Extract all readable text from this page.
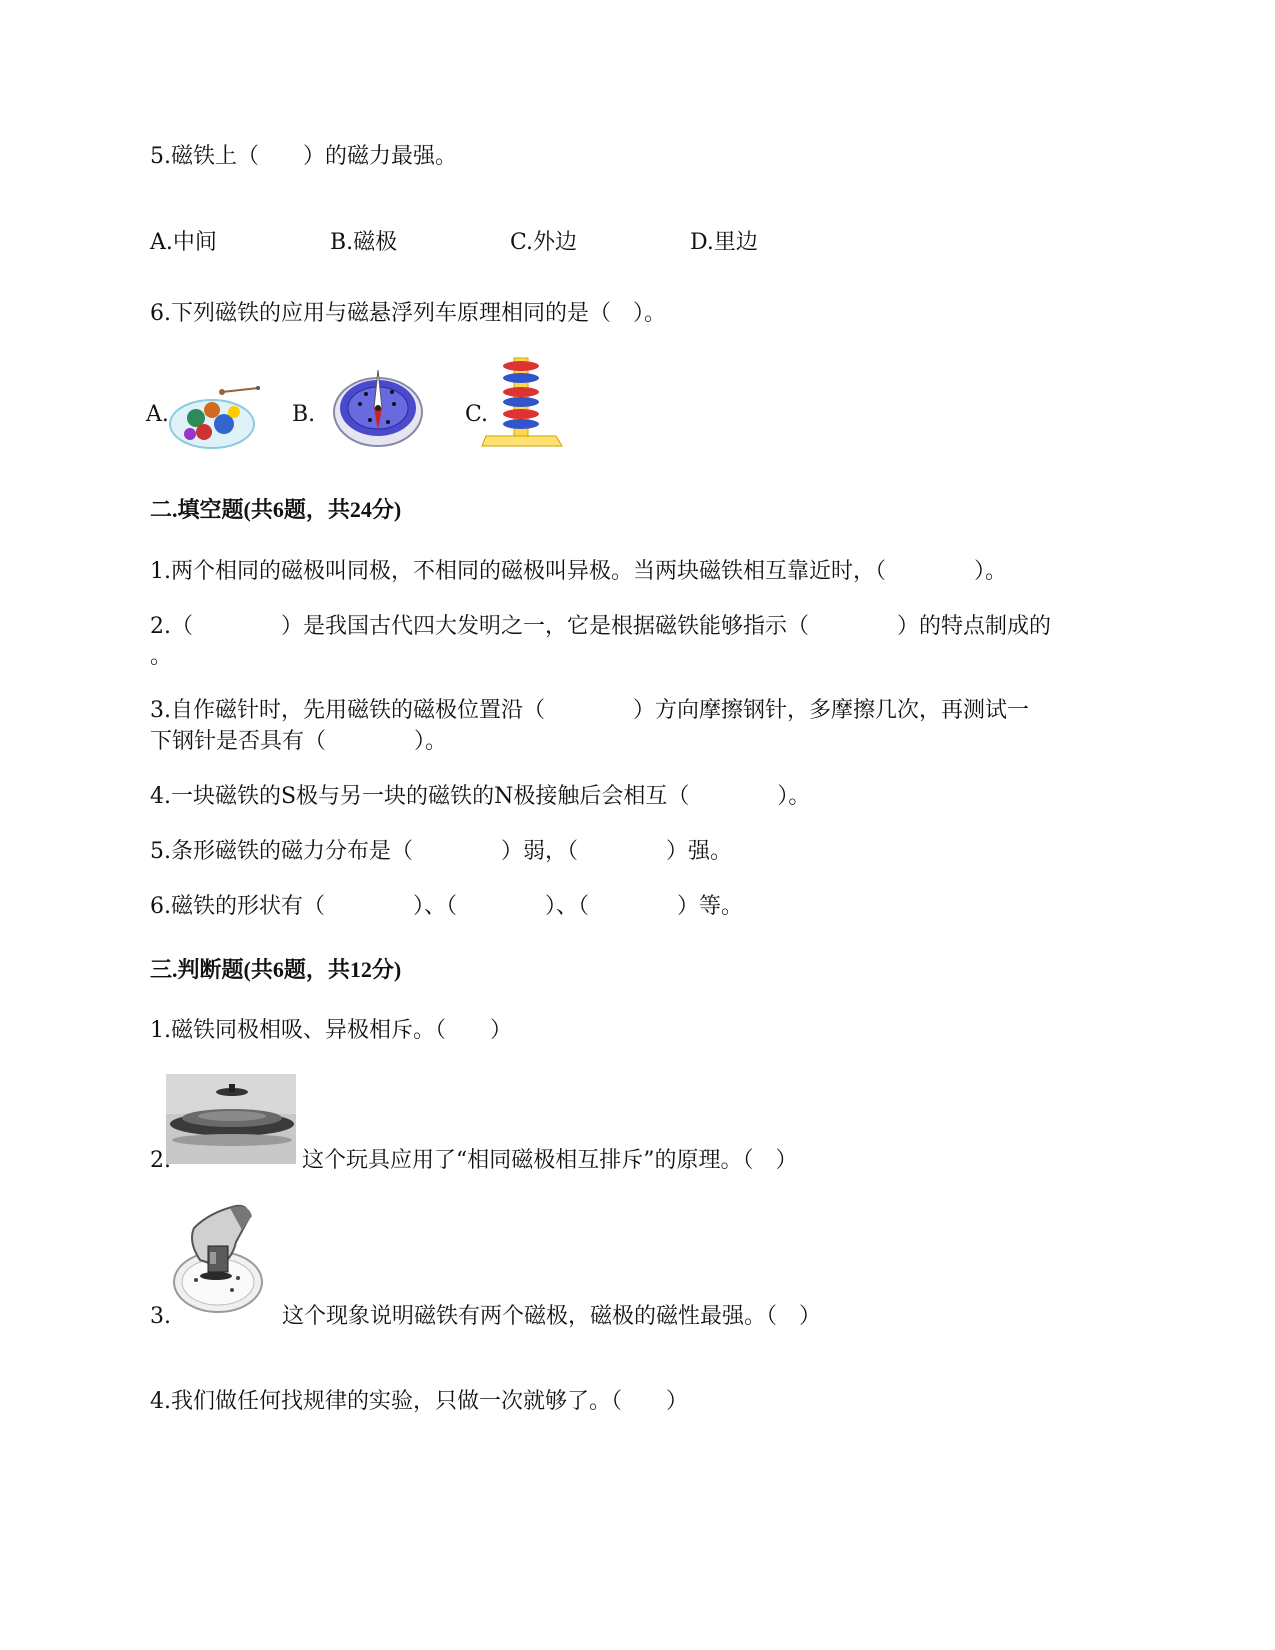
5.磁铁上（　　）的磁力最强。
A.中间	B.磁极	C.外边	D.里边
6.下列磁铁的应用与磁悬浮列车原理相同的是（　）。
A.	B.	C.
二.填空题(共6题，共24分)
1.两个相同的磁极叫同极，不相同的磁极叫异极。当两块磁铁相互靠近时，（　　　　）。
2.（　　　　）是我国古代四大发明之一，它是根据磁铁能够指示（　　　　）的特点制成的
。
3.自作磁针时，先用磁铁的磁极位置沿（　　　　）方向摩擦钢针，多摩擦几次，再测试一
下钢针是否具有（　　　　）。
4.一块磁铁的S极与另一块的磁铁的N极接触后会相互（　　　　）。
5.条形磁铁的磁力分布是（　　　　）弱，（　　　　）强。
6.磁铁的形状有（　　　　）、（　　　　）、（　　　　）等。
三.判断题(共6题，共12分)
1.磁铁同极相吸、异极相斥。（　　）
2.	这个玩具应用了“相同磁极相互排斥”的原理。（　）
3.	这个现象说明磁铁有两个磁极，磁极的磁性最强。（　）
4.我们做任何找规律的实验，只做一次就够了。（　　）
